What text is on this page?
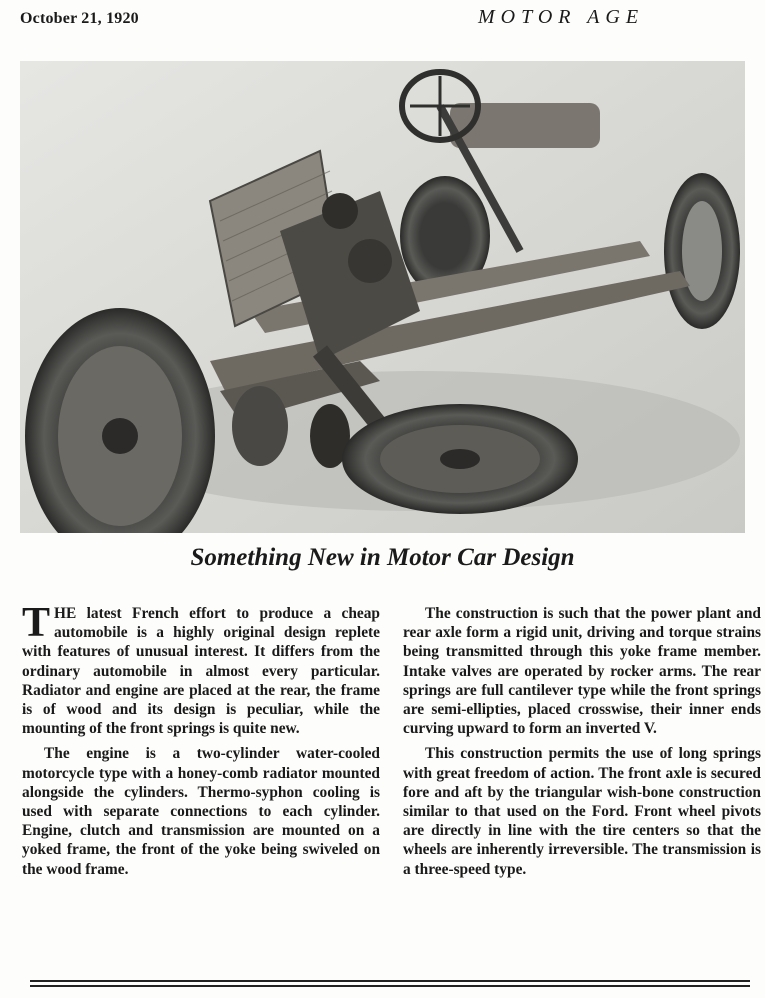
October 21, 1920	MOTOR AGE
Something New in Motor Car Design

THE latest French effort to produce a cheap automobile is a highly original design replete with features of unusual interest. It differs from the ordinary automobile in almost every particular. Radiator and engine are placed at the rear, the frame is of wood and its design is peculiar, while the mounting of the front springs is quite new.

The engine is a two-cylinder water-cooled motorcycle type with a honey-comb radiator mounted alongside the cylinders. Thermo-syphon cooling is used with separate connections to each cylinder. Engine, clutch and transmission are mounted on a yoked frame, the front of the yoke being swiveled on the wood frame.

The construction is such that the power plant and rear axle form a rigid unit, driving and torque strains being transmitted through this yoke frame member. Intake valves are operated by rocker arms. The rear springs are full cantilever type while the front springs are semi-ellipties, placed crosswise, their inner ends curving upward to form an inverted V.

This construction permits the use of long springs with great freedom of action. The front axle is secured fore and aft by the triangular wish-bone construction similar to that used on the Ford. Front wheel pivots are directly in line with the tire centers so that the wheels are inherently irreversible. The transmission is a three-speed type.
